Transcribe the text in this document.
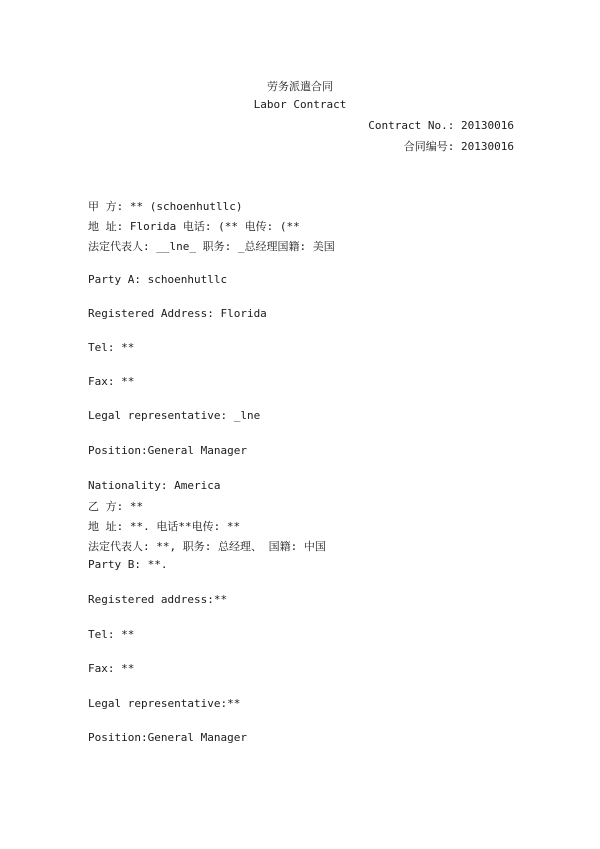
劳务派遣合同
Labor Contract
Contract No.: 20130016
合同编号: 20130016
甲 方: ** (schoenhutllc)
地 址: Florida 电话: (** 电传: (**
法定代表人: __lne_ 职务: _总经理国籍: 美国
Party A: schoenhutllc
Registered Address: Florida
Tel: **
Fax: **
Legal representative: _lne
Position:General Manager
Nationality: America
乙 方: **
地 址: **. 电话**电传: **
法定代表人: **, 职务: 总经理、 国籍: 中国
Party B: **.
Registered address:**
Tel: **
Fax: **
Legal representative:**
Position:General Manager
